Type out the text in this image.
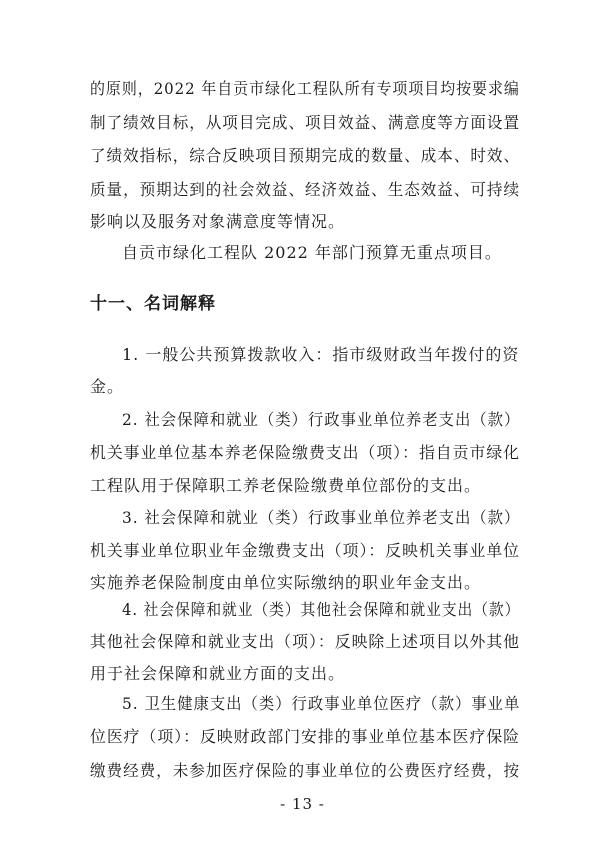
的原则，2022 年自贡市绿化工程队所有专项项目均按要求编
制了绩效目标，从项目完成、项目效益、满意度等方面设置
了绩效指标，综合反映项目预期完成的数量、成本、时效、
质量，预期达到的社会效益、经济效益、生态效益、可持续
影响以及服务对象满意度等情况。
自贡市绿化工程队 2022 年部门预算无重点项目。
十一、名词解释
1. 一般公共预算拨款收入：指市级财政当年拨付的资
金。
2. 社会保障和就业（类）行政事业单位养老支出（款）
机关事业单位基本养老保险缴费支出（项）：指自贡市绿化
工程队用于保障职工养老保险缴费单位部份的支出。
3. 社会保障和就业（类）行政事业单位养老支出（款）
机关事业单位职业年金缴费支出（项）：反映机关事业单位
实施养老保险制度由单位实际缴纳的职业年金支出。
4. 社会保障和就业（类）其他社会保障和就业支出（款）
其他社会保障和就业支出（项）：反映除上述项目以外其他
用于社会保障和就业方面的支出。
5. 卫生健康支出（类）行政事业单位医疗（款）事业单
位医疗（项）：反映财政部门安排的事业单位基本医疗保险
缴费经费，未参加医疗保险的事业单位的公费医疗经费，按
- 13 -
